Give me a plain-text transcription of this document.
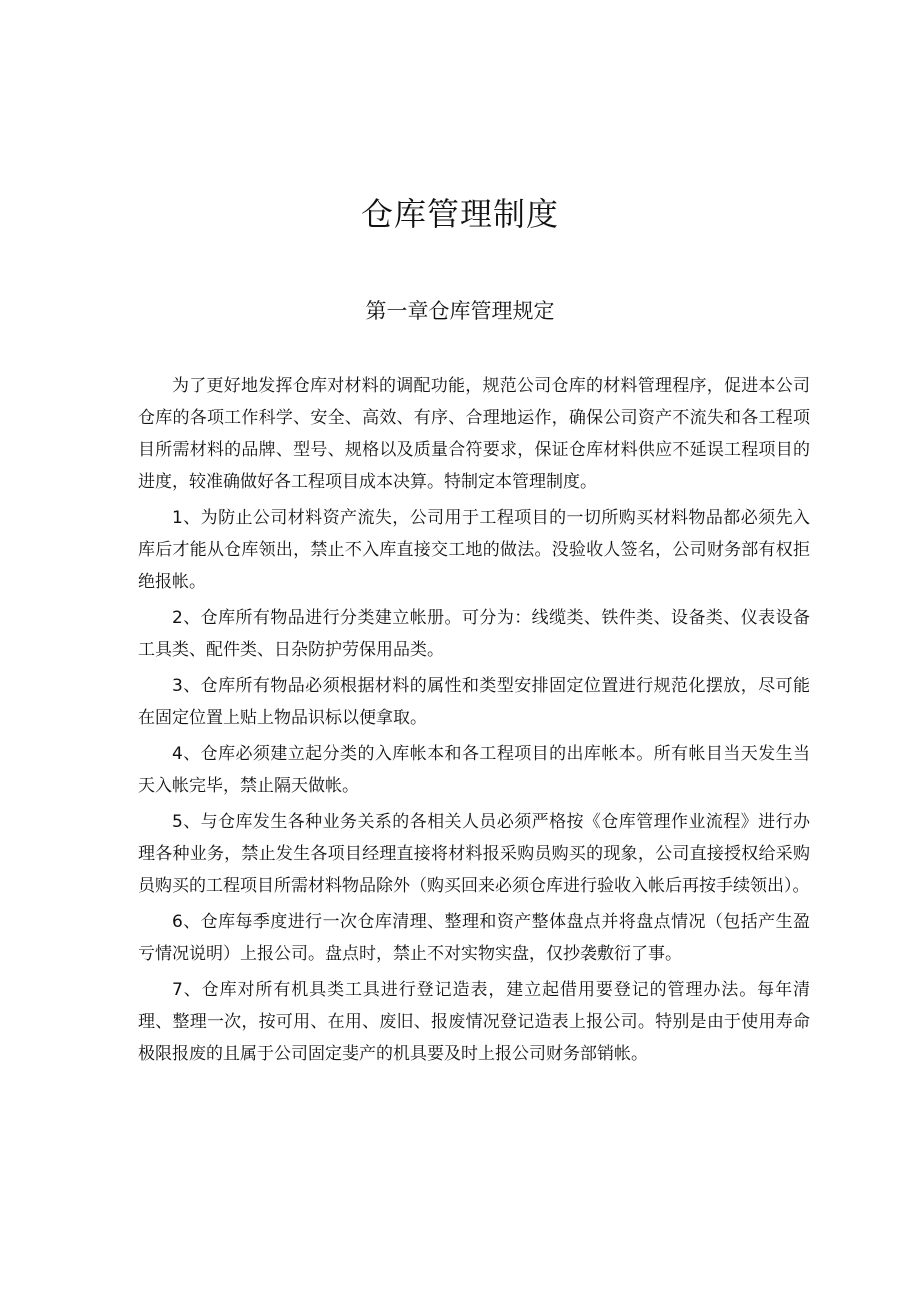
仓库管理制度
第一章仓库管理规定

为了更好地发挥仓库对材料的调配功能，规范公司仓库的材料管理程序，促进本公司仓库的各项工作科学、安全、高效、有序、合理地运作，确保公司资产不流失和各工程项目所需材料的品牌、型号、规格以及质量合符要求，保证仓库材料供应不延误工程项目的进度，较准确做好各工程项目成本决算。特制定本管理制度。

1、为防止公司材料资产流失，公司用于工程项目的一切所购买材料物品都必须先入库后才能从仓库领出，禁止不入库直接交工地的做法。没验收人签名，公司财务部有权拒绝报帐。

2、仓库所有物品进行分类建立帐册。可分为：线缆类、铁件类、设备类、仪表设备工具类、配件类、日杂防护劳保用品类。

3、仓库所有物品必须根据材料的属性和类型安排固定位置进行规范化摆放，尽可能在固定位置上贴上物品识标以便拿取。

4、仓库必须建立起分类的入库帐本和各工程项目的出库帐本。所有帐目当天发生当天入帐完毕，禁止隔天做帐。

5、与仓库发生各种业务关系的各相关人员必须严格按《仓库管理作业流程》进行办理各种业务，禁止发生各项目经理直接将材料报采购员购买的现象，公司直接授权给采购员购买的工程项目所需材料物品除外（购买回来必须仓库进行验收入帐后再按手续领出）。

6、仓库每季度进行一次仓库清理、整理和资产整体盘点并将盘点情况（包括产生盈亏情况说明）上报公司。盘点时，禁止不对实物实盘，仅抄袭敷衍了事。

7、仓库对所有机具类工具进行登记造表，建立起借用要登记的管理办法。每年清理、整理一次，按可用、在用、废旧、报废情况登记造表上报公司。特别是由于使用寿命极限报废的且属于公司固定斐产的机具要及时上报公司财务部销帐。
